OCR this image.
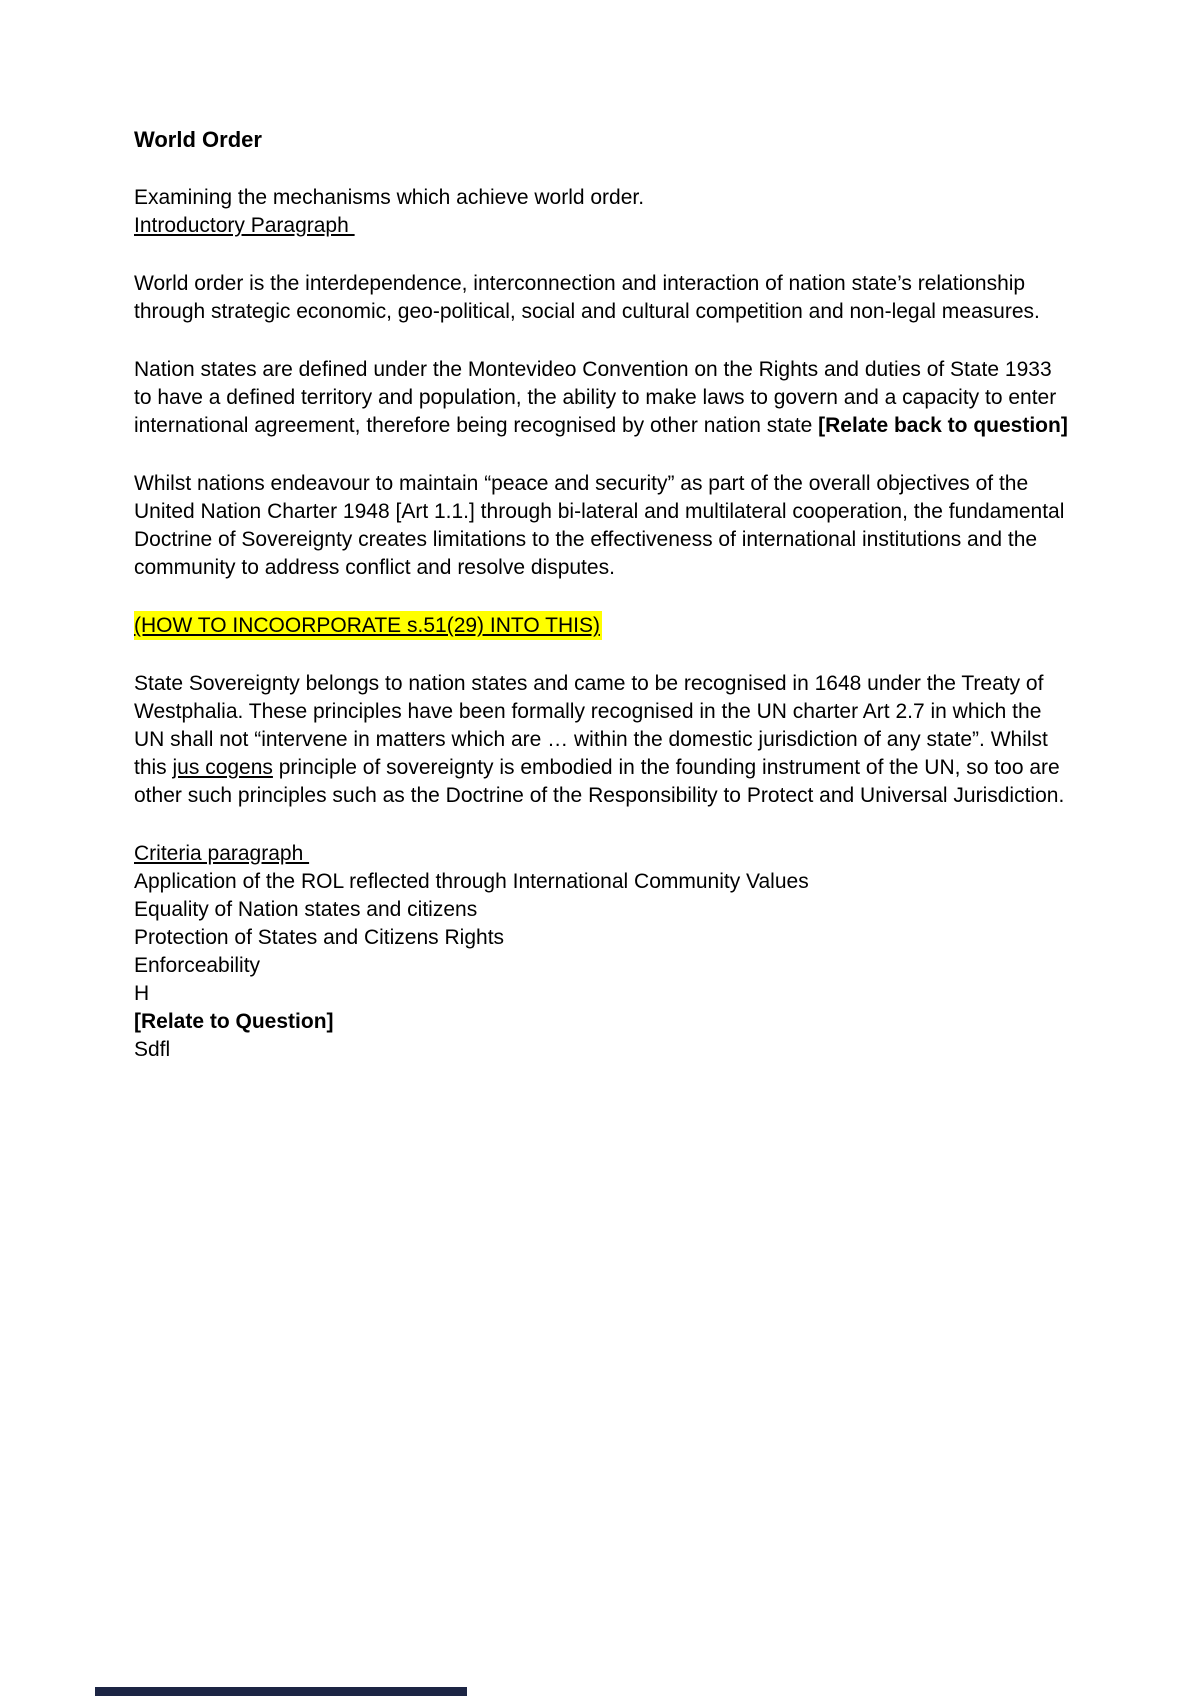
World Order

Examining the mechanisms which achieve world order.
Introductory Paragraph

World order is the interdependence, interconnection and interaction of nation state’s relationship through strategic economic, geo-political, social and cultural competition and non-legal measures.

Nation states are defined under the Montevideo Convention on the Rights and duties of State 1933 to have a defined territory and population, the ability to make laws to govern and a capacity to enter international agreement, therefore being recognised by other nation state [Relate back to question]

Whilst nations endeavour to maintain “peace and security” as part of the overall objectives of the United Nation Charter 1948 [Art 1.1.] through bi-lateral and multilateral cooperation, the fundamental Doctrine of Sovereignty creates limitations to the effectiveness of international institutions and the community to address conflict and resolve disputes.

(HOW TO INCOORPORATE s.51(29) INTO THIS)

State Sovereignty belongs to nation states and came to be recognised in 1648 under the Treaty of Westphalia. These principles have been formally recognised in the UN charter Art 2.7 in which the UN shall not “intervene in matters which are … within the domestic jurisdiction of any state”. Whilst this jus cogens principle of sovereignty is embodied in the founding instrument of the UN, so too are other such principles such as the Doctrine of the Responsibility to Protect and Universal Jurisdiction.

Criteria paragraph
Application of the ROL reflected through International Community Values
Equality of Nation states and citizens
Protection of States and Citizens Rights
Enforceability
H
[Relate to Question]
Sdfl
